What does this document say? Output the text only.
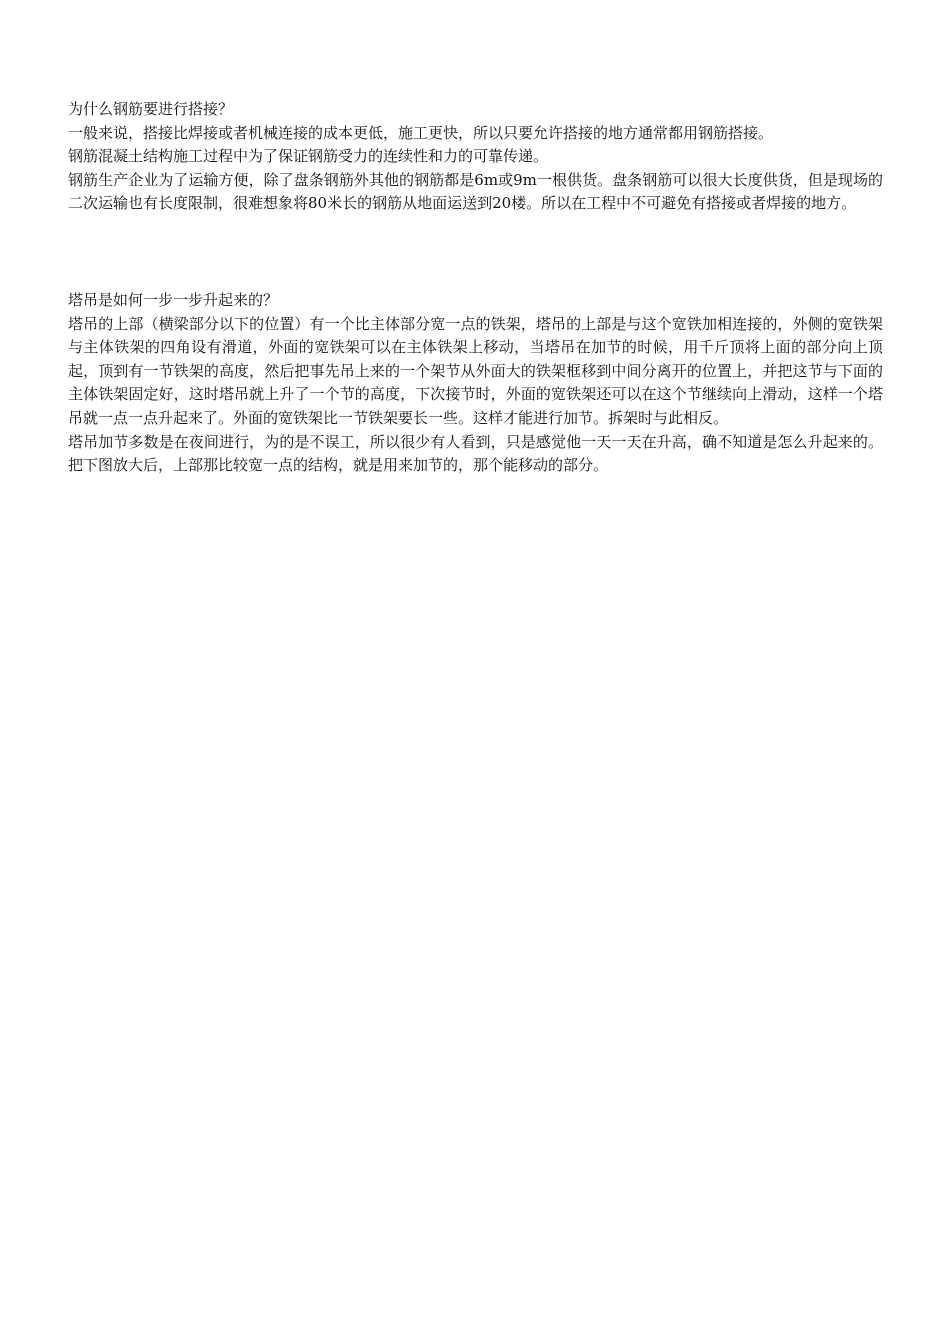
为什么钢筋要进行搭接？

一般来说，搭接比焊接或者机械连接的成本更低，施工更快，所以只要允许搭接的地方通常都用钢筋搭接。

钢筋混凝土结构施工过程中为了保证钢筋受力的连续性和力的可靠传递。

钢筋生产企业为了运输方便，除了盘条钢筋外其他的钢筋都是6m或9m一根供货。盘条钢筋可以很大长度供货，但是现场的二次运输也有长度限制，很难想象将80米长的钢筋从地面运送到20楼。所以在工程中不可避免有搭接或者焊接的地方。

塔吊是如何一步一步升起来的？

塔吊的上部（横梁部分以下的位置）有一个比主体部分宽一点的铁架，塔吊的上部是与这个宽铁加相连接的，外侧的宽铁架与主体铁架的四角设有滑道，外面的宽铁架可以在主体铁架上移动，当塔吊在加节的时候，用千斤顶将上面的部分向上顶起，顶到有一节铁架的高度，然后把事先吊上来的一个架节从外面大的铁架框移到中间分离开的位置上，并把这节与下面的主体铁架固定好，这时塔吊就上升了一个节的高度，下次接节时，外面的宽铁架还可以在这个节继续向上滑动，这样一个塔吊就一点一点升起来了。外面的宽铁架比一节铁架要长一些。这样才能进行加节。拆架时与此相反。

塔吊加节多数是在夜间进行，为的是不误工，所以很少有人看到，只是感觉他一天一天在升高，确不知道是怎么升起来的。把下图放大后，上部那比较宽一点的结构，就是用来加节的，那个能移动的部分。
